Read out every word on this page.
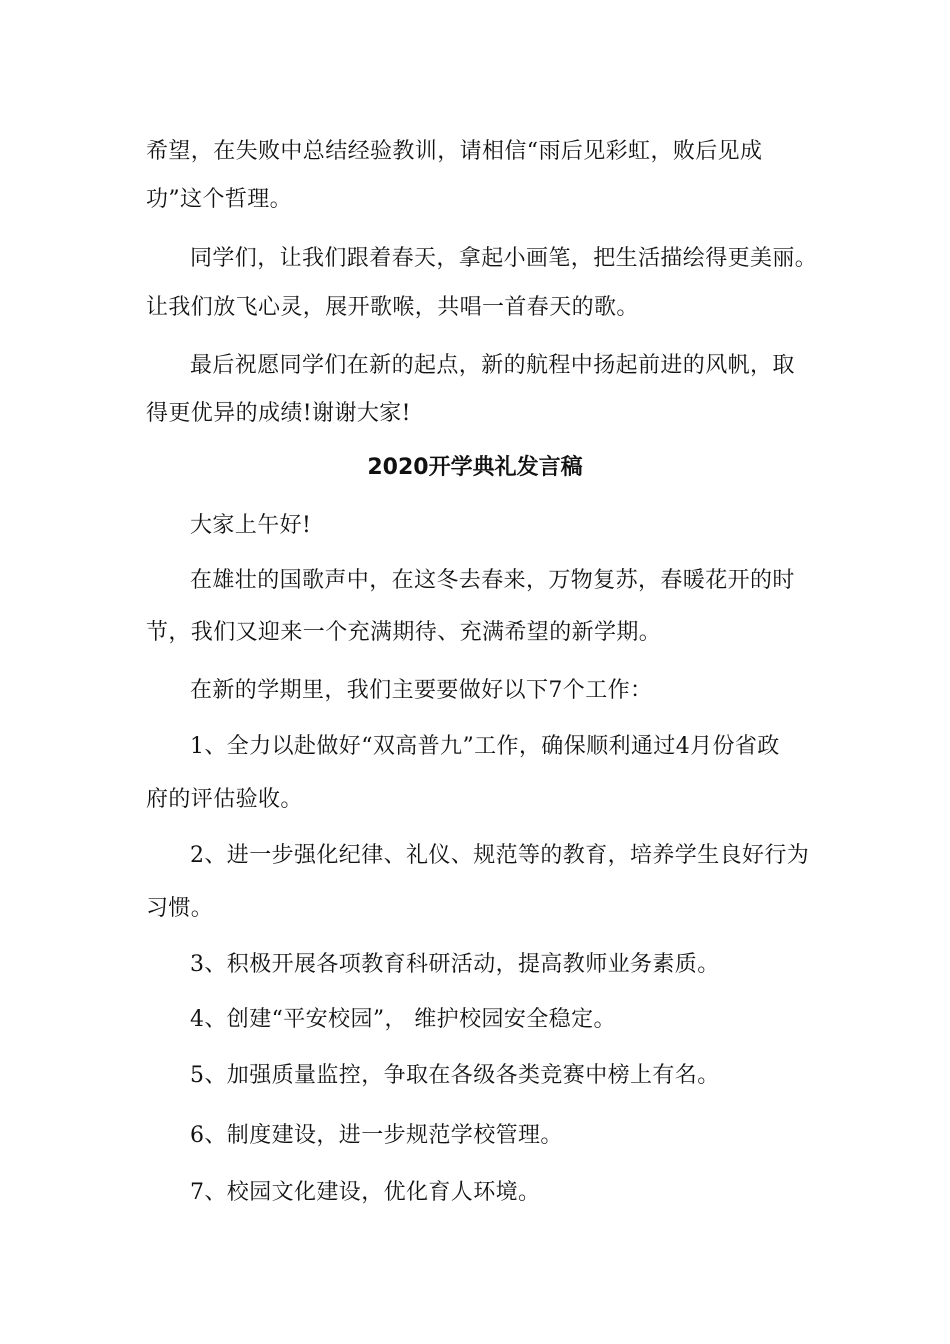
希望，在失败中总结经验教训，请相信“雨后见彩虹，败后见成
功”这个哲理。
同学们，让我们跟着春天，拿起小画笔，把生活描绘得更美丽。
让我们放飞心灵，展开歌喉，共唱一首春天的歌。
最后祝愿同学们在新的起点，新的航程中扬起前进的风帆，取
得更优异的成绩!谢谢大家!
2020开学典礼发言稿
大家上午好!
在雄壮的国歌声中，在这冬去春来，万物复苏，春暖花开的时
节，我们又迎来一个充满期待、充满希望的新学期。
在新的学期里，我们主要要做好以下7个工作：
1、全力以赴做好“双高普九”工作，确保顺利通过4月份省政
府的评估验收。
2、进一步强化纪律、礼仪、规范等的教育，培养学生良好行为
习惯。
3、积极开展各项教育科研活动，提高教师业务素质。
4、创建“平安校园”， 维护校园安全稳定。
5、加强质量监控，争取在各级各类竞赛中榜上有名。
6、制度建设，进一步规范学校管理。
7、校园文化建设，优化育人环境。
